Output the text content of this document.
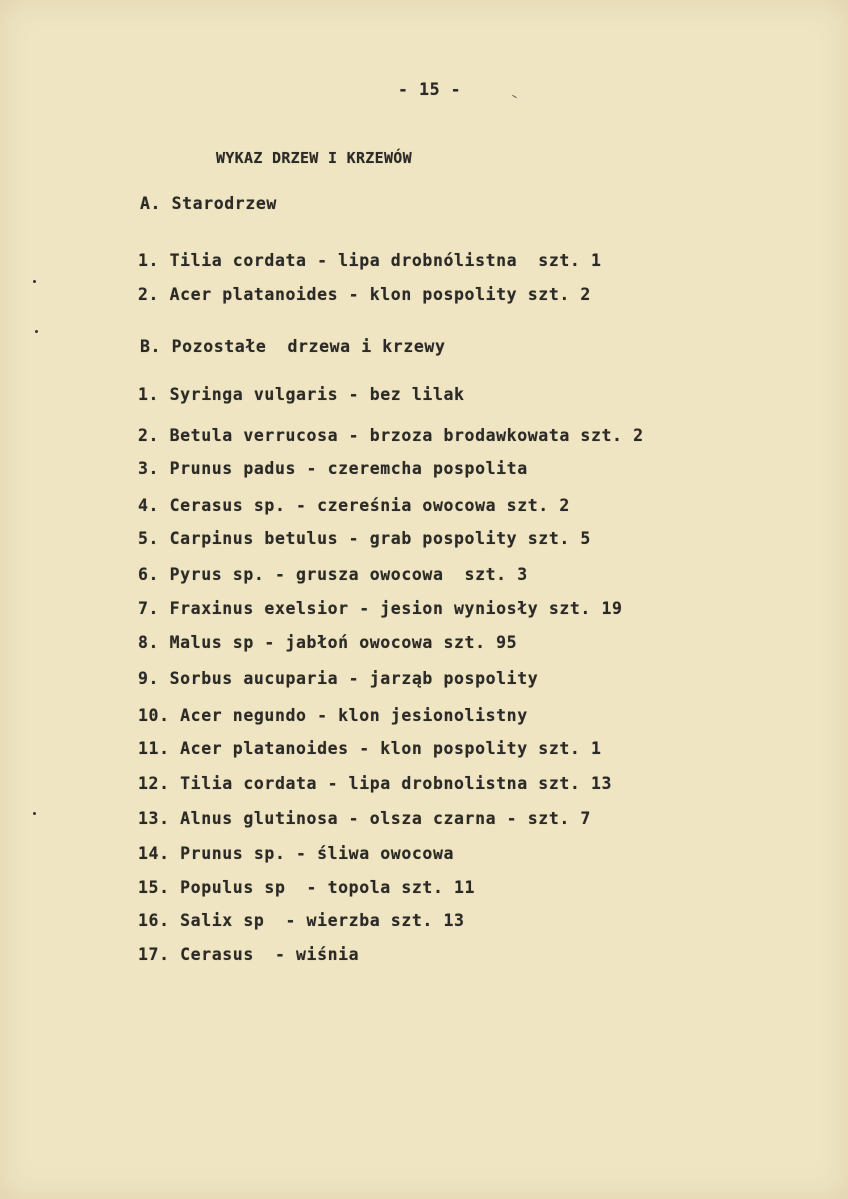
- 15 -
WYKAZ DRZEW I KRZEWÓW
A. Starodrzew
1. Tilia cordata - lipa drobnólistna  szt. 1
2. Acer platanoides - klon pospolity szt. 2
B. Pozostałe  drzewa i krzewy
1. Syringa vulgaris - bez lilak
2. Betula verrucosa - brzoza brodawkowata szt. 2
3. Prunus padus - czeremcha pospolita
4. Cerasus sp. - czereśnia owocowa szt. 2
5. Carpinus betulus - grab pospolity szt. 5
6. Pyrus sp. - grusza owocowa  szt. 3
7. Fraxinus exelsior - jesion wyniosły szt. 19
8. Malus sp - jabłoń owocowa szt. 95
9. Sorbus aucuparia - jarząb pospolity
10. Acer negundo - klon jesionolistny
11. Acer platanoides - klon pospolity szt. 1
12. Tilia cordata - lipa drobnolistna szt. 13
13. Alnus glutinosa - olsza czarna - szt. 7
14. Prunus sp. - śliwa owocowa
15. Populus sp  - topola szt. 11
16. Salix sp  - wierzba szt. 13
17. Cerasus  - wiśnia
